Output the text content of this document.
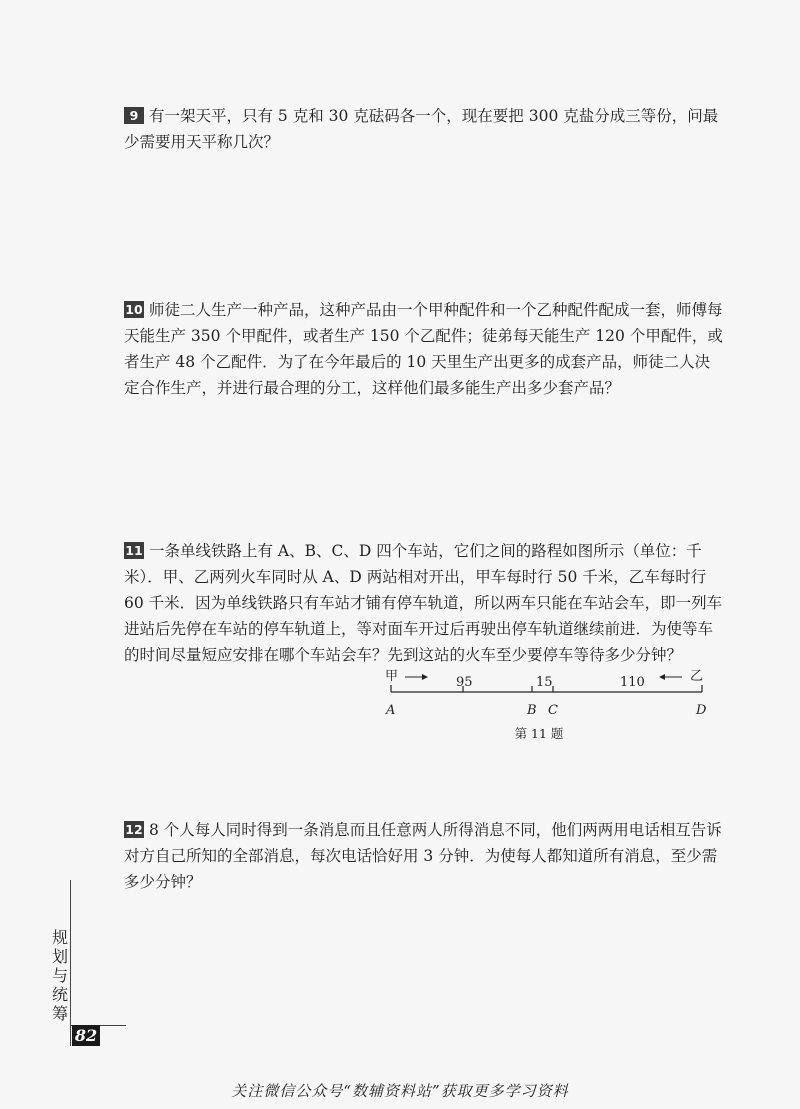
9 有一架天平，只有 5 克和 30 克砝码各一个，现在要把 300 克盐分成三等份，问最少需要用天平称几次？
10 师徒二人生产一种产品，这种产品由一个甲种配件和一个乙种配件配成一套，师傅每天能生产 350 个甲配件，或者生产 150 个乙配件；徒弟每天能生产 120 个甲配件，或者生产 48 个乙配件．为了在今年最后的 10 天里生产出更多的成套产品，师徒二人决定合作生产，并进行最合理的分工，这样他们最多能生产出多少套产品？
11 一条单线铁路上有 A、B、C、D 四个车站，它们之间的路程如图所示（单位：千米）．甲、乙两列火车同时从 A、D 两站相对开出，甲车每时行 50 千米，乙车每时行 60 千米．因为单线铁路只有车站才铺有停车轨道，所以两车只能在车站会车，即一列车进站后先停在车站的停车轨道上，等对面车开过后再驶出停车轨道继续前进．为使等车的时间尽量短应安排在哪个车站会车？先到这站的火车至少要停车等待多少分钟？
甲	乙
95	15	110
A	B C	D
第 11 题
12 8 个人每人同时得到一条消息而且任意两人所得消息不同，他们两两用电话相互告诉对方自己所知的全部消息，每次电话恰好用 3 分钟．为使每人都知道所有消息，至少需多少分钟？
规划与统筹
82
关注微信公众号“数辅资料站”获取更多学习资料
